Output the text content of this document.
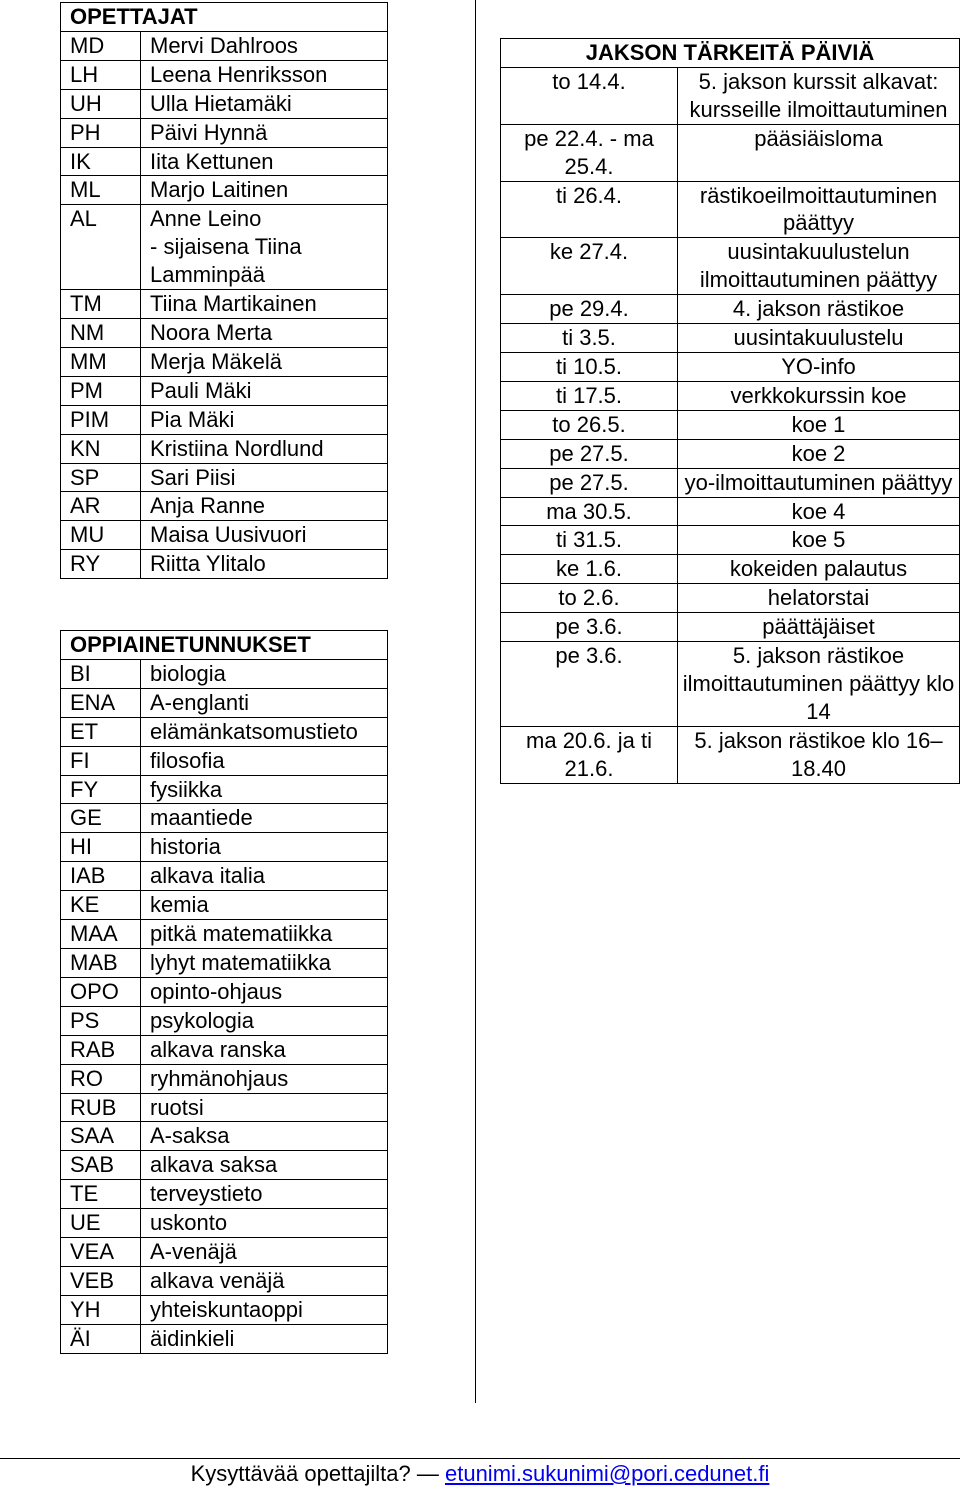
OPETTAJAT	
MD	Mervi Dahlroos
LH	Leena Henriksson
UH	Ulla Hietamäki
PH	Päivi Hynnä
IK	Iita Kettunen
ML	Marjo Laitinen
AL	Anne Leino
- sijaisena Tiina Lamminpää
TM	Tiina Martikainen
NM	Noora Merta
MM	Merja Mäkelä
PM	Pauli Mäki
PIM	Pia Mäki
KN	Kristiina Nordlund
SP	Sari Piisi
AR	Anja Ranne
MU	Maisa Uusivuori
RY	Riitta Ylitalo
OPPIAINETUNNUKSET	
BI	biologia
ENA	A-englanti
ET	elämänkatsomustieto
FI	filosofia
FY	fysiikka
GE	maantiede
HI	historia
IAB	alkava italia
KE	kemia
MAA	pitkä matematiikka
MAB	lyhyt matematiikka
OPO	opinto-ohjaus
PS	psykologia
RAB	alkava ranska
RO	ryhmänohjaus
RUB	ruotsi
SAA	A-saksa
SAB	alkava saksa
TE	terveystieto
UE	uskonto
VEA	A-venäjä
VEB	alkava venäjä
YH	yhteiskuntaoppi
ÄI	äidinkieli
JAKSON TÄRKEITÄ PÄIVIÄ	
to 14.4.	5. jakson kurssit alkavat: kursseille ilmoittautuminen
pe 22.4. - ma 25.4.	pääsiäisloma
ti 26.4.	rästikoeilmoittautuminen päättyy
ke 27.4.	uusintakuulustelun ilmoittautuminen päättyy
pe 29.4.	4. jakson rästikoe
ti 3.5.	uusintakuulustelu
ti 10.5.	YO-info
ti 17.5.	verkkokurssin koe
to 26.5.	koe 1
pe 27.5.	koe 2
pe 27.5.	yo-ilmoittautuminen päättyy
ma 30.5.	koe 4
ti 31.5.	koe 5
ke 1.6.	kokeiden palautus
to 2.6.	helatorstai
pe 3.6.	päättäjäiset
pe 3.6.	5. jakson rästikoe ilmoittautuminen päättyy klo 14
ma 20.6. ja ti 21.6.	5. jakson rästikoe klo 16–18.40
Kysyttävää opettajilta? — etunimi.sukunimi@pori.cedunet.fi
